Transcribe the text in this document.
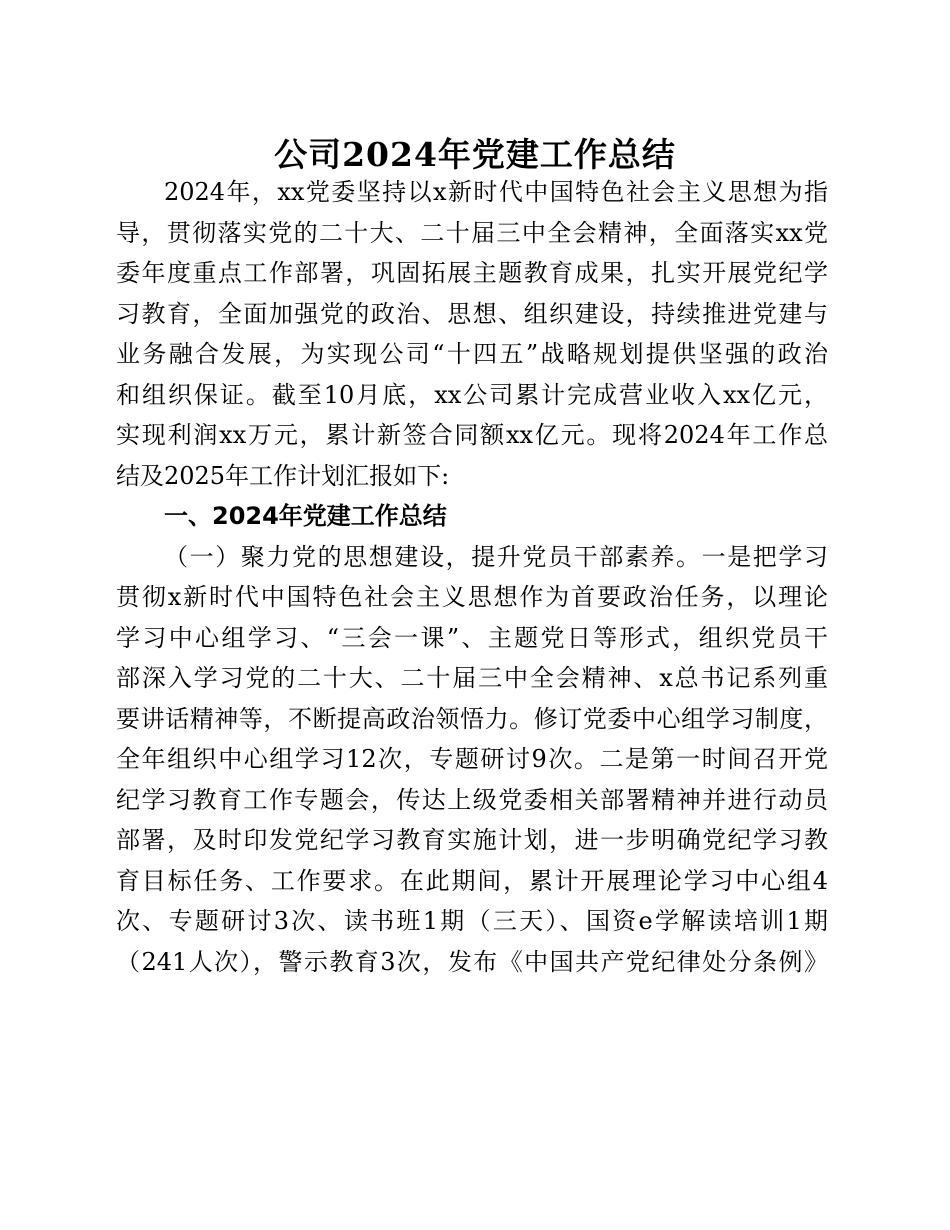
公司2024年党建工作总结
2024年，xx党委坚持以x新时代中国特色社会主义思想为指
导，贯彻落实党的二十大、二十届三中全会精神，全面落实xx党
委年度重点工作部署，巩固拓展主题教育成果，扎实开展党纪学
习教育，全面加强党的政治、思想、组织建设，持续推进党建与
业务融合发展，为实现公司“十四五”战略规划提供坚强的政治
和组织保证。截至10月底，xx公司累计完成营业收入xx亿元，
实现利润xx万元，累计新签合同额xx亿元。现将2024年工作总
结及2025年工作计划汇报如下:
一、2024年党建工作总结
（一）聚力党的思想建设，提升党员干部素养。一是把学习
贯彻x新时代中国特色社会主义思想作为首要政治任务，以理论
学习中心组学习、“三会一课”、主题党日等形式，组织党员干
部深入学习党的二十大、二十届三中全会精神、x总书记系列重
要讲话精神等，不断提高政治领悟力。修订党委中心组学习制度，
全年组织中心组学习12次，专题研讨9次。二是第一时间召开党
纪学习教育工作专题会，传达上级党委相关部署精神并进行动员
部署，及时印发党纪学习教育实施计划，进一步明确党纪学习教
育目标任务、工作要求。在此期间，累计开展理论学习中心组4
次、专题研讨3次、读书班1期（三天）、国资e学解读培训1期
（241人次），警示教育3次，发布《中国共产党纪律处分条例》
